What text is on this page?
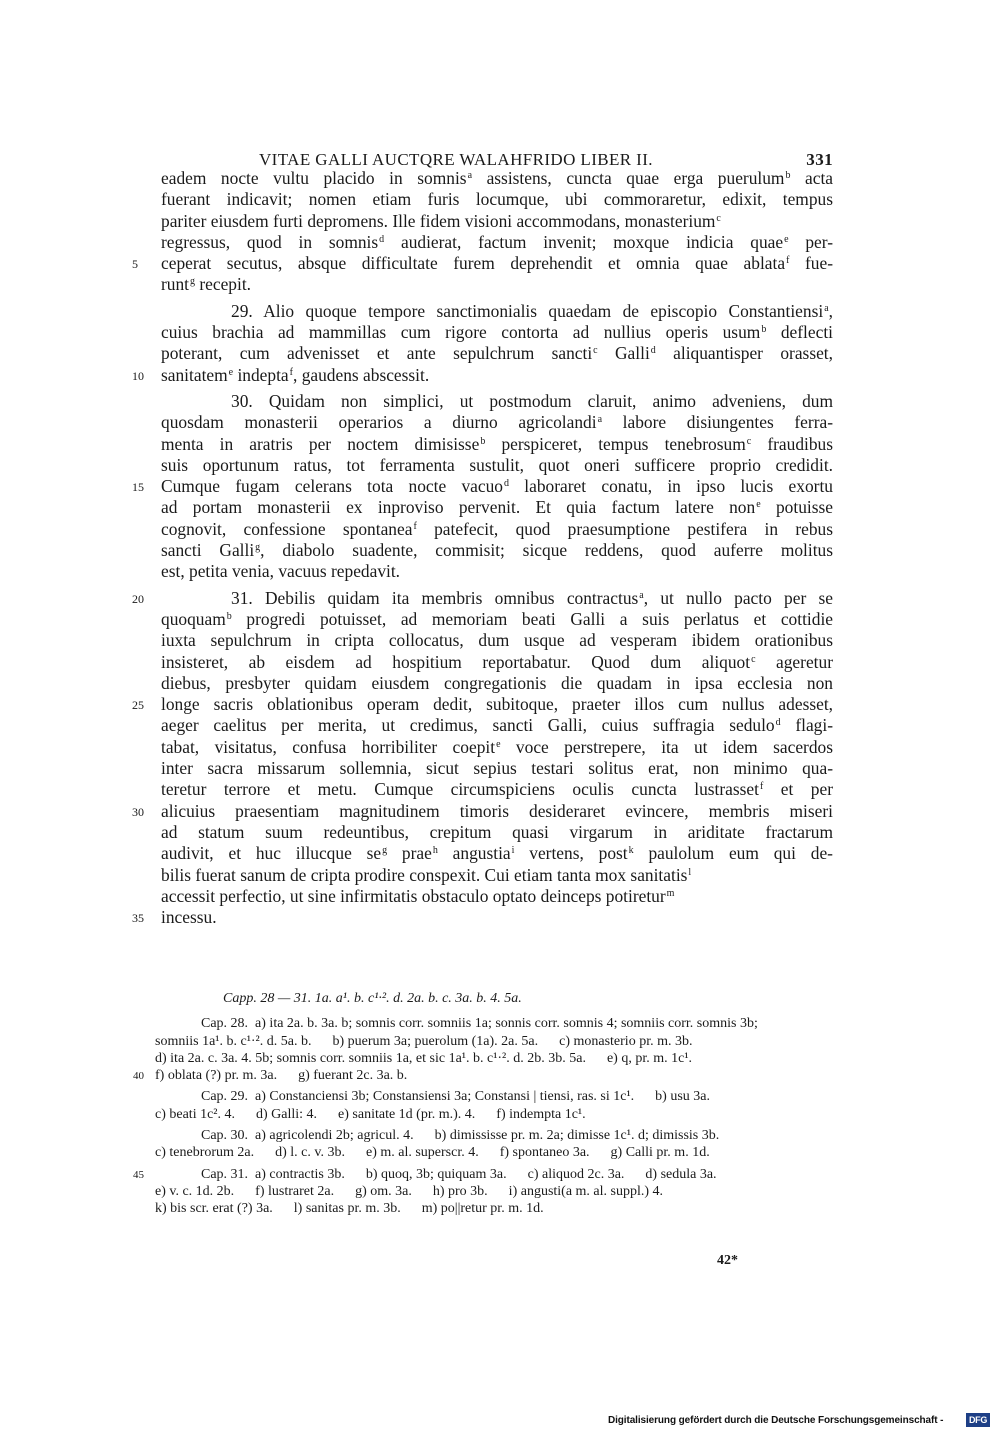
VITAE GALLI AUCTQRE WALAHFRIDO LIBER II.	331
eadem nocte vultu placido in somnis$^a$ assistens, cuncta quae erga puerulum$^b$ acta
fuerant indicavit; nomen etiam furis locumque, ubi commoraretur, edixit, tempus
pariter eiusdem furti depromens. Ille fidem visioni accommodans, monasterium$^c$
regressus, quod in somnis$^d$ audierat, factum invenit; moxque indicia quae$^e$ per-
ceperat secutus, absque difficultate furem deprehendit et omnia quae ablata$^f$ fue-
5
runt$^g$ recepit.
29. Alio quoque tempore sanctimonialis quaedam de episcopio Constantiensi$^a$,
cuius brachia ad mammillas cum rigore contorta ad nullius operis usum$^b$ deflecti
poterant, cum advenisset et ante sepulchrum sancti$^c$ Galli$^d$ aliquantisper orasset,
sanitatem$^e$ indepta$^f$, gaudens abscessit.
10
30. Quidam non simplici, ut postmodum claruit, animo adveniens, dum
quosdam monasterii operarios a diurno agricolandi$^a$ labore disiungentes ferra-
menta in aratris per noctem dimisisse$^b$ perspiceret, tempus tenebrosum$^c$ fraudibus
suis oportunum ratus, tot ferramenta sustulit, quot oneri sufficere proprio credidit.
Cumque fugam celerans tota nocte vacuo$^d$ laboraret conatu, in ipso lucis exortu
15
ad portam monasterii ex inproviso pervenit. Et quia factum latere non$^e$ potuisse
cognovit, confessione spontanea$^f$ patefecit, quod praesumptione pestifera in rebus
sancti Galli$^g$, diabolo suadente, commisit; sicque reddens, quod auferre molitus
est, petita venia, vacuus repedavit.
31. Debilis quidam ita membris omnibus contractus$^a$, ut nullo pacto per se
20
quoquam$^b$ progredi potuisset, ad memoriam beati Galli a suis perlatus et cottidie
iuxta sepulchrum in cripta collocatus, dum usque ad vesperam ibidem orationibus
insisteret, ab eisdem ad hospitium reportabatur. Quod dum aliquot$^c$ ageretur
diebus, presbyter quidam eiusdem congregationis die quadam in ipsa ecclesia non
longe sacris oblationibus operam dedit, subitoque, praeter illos cum nullus adesset,
25
aeger caelitus per merita, ut credimus, sancti Galli, cuius suffragia sedulo$^d$ flagi-
tabat, visitatus, confusa horribiliter coepit$^e$ voce perstrepere, ita ut idem sacerdos
inter sacra missarum sollemnia, sicut sepius testari solitus erat, non minimo qua-
teretur terrore et metu. Cumque circumspiciens oculis cuncta lustrasset$^f$ et per
alicuius praesentiam magnitudinem timoris desideraret evincere, membris miseri
30
ad statum suum redeuntibus, crepitum quasi virgarum in ariditate fractarum
audivit, et huc illucque $se^g$ prae$^h$ angustia$^i$ vertens, post$^k$ paulolum eum qui de-
bilis fuerat sanum de cripta prodire conspexit. Cui etiam tanta mox sanitatis$^l$
accessit perfectio, ut sine infirmitatis obstaculo optato deinceps potiretur$^m$
incessu.
35
Capp. 28 — 31. 1a. a¹. b. c¹·². d. 2a. b. c. 3a. b. 4. 5a.
Cap. 28.  a) ita 2a. b. 3a. b; somnis corr. somniis 1a; sonnis corr. somnis 4; somniis corr. somnis 3b;
somniis 1a¹. b. c¹·². d. 5a. b.      b) puerum 3a; puerolum (1a). 2a. 5a.      c) monasterio pr. m. 3b.
d) ita 2a. c. 3a. 4. 5b; somnis corr. somniis 1a, et sic 1a¹. b. c¹·². d. 2b. 3b. 5a.      e) q, pr. m. 1c¹.
f) oblata (?) pr. m. 3a.      g) fuerant 2c. 3a. b.
40
Cap. 29.  a) Constanciensi 3b; Constansiensi 3a; Constansi | tiensi, ras. si 1c¹.      b) usu 3a.
c) beati 1c². 4.      d) Galli: 4.      e) sanitate 1d (pr. m.). 4.      f) indempta 1c¹.
Cap. 30.  a) agricolendi 2b; agricul. 4.      b) dimississe pr. m. 2a; dimisse 1c¹. d; dimissis 3b.
c) tenebrorum 2a.      d) l. c. v. 3b.      e) m. al. superscr. 4.      f) spontaneo 3a.      g) Calli pr. m. 1d.
Cap. 31.  a) contractis 3b.      b) quoq, 3b; quiquam 3a.      c) aliquod 2c. 3a.      d) sedula 3a.
45
e) v. c. 1d. 2b.      f) lustraret 2a.      g) om. 3a.      h) pro 3b.      i) angusti(a m. al. suppl.) 4.
k) bis scr. erat (?) 3a.      l) sanitas pr. m. 3b.      m) po||retur pr. m. 1d.
42*
Digitalisierung gefördert durch die Deutsche Forschungsgemeinschaft -	DFG
